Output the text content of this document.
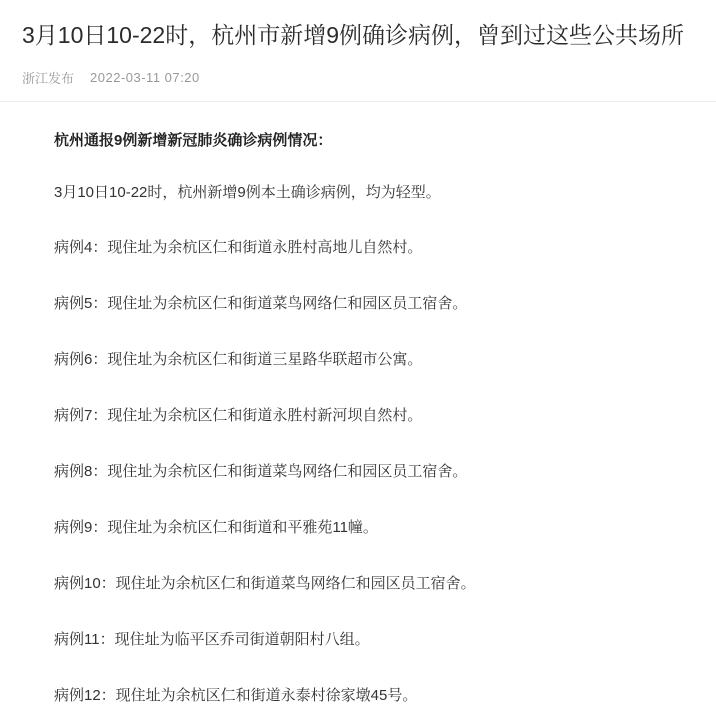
3月10日10-22时，杭州市新增9例确诊病例，曾到过这些公共场所
浙江发布 2022-03-11 07:20

杭州通报9例新增新冠肺炎确诊病例情况：

3月10日10-22时，杭州新增9例本土确诊病例，均为轻型。

病例4：现住址为余杭区仁和街道永胜村高地儿自然村。

病例5：现住址为余杭区仁和街道菜鸟网络仁和园区员工宿舍。

病例6：现住址为余杭区仁和街道三星路华联超市公寓。

病例7：现住址为余杭区仁和街道永胜村新河坝自然村。

病例8：现住址为余杭区仁和街道菜鸟网络仁和园区员工宿舍。

病例9：现住址为余杭区仁和街道和平雅苑11幢。

病例10：现住址为余杭区仁和街道菜鸟网络仁和园区员工宿舍。

病例11：现住址为临平区乔司街道朝阳村八组。

病例12：现住址为余杭区仁和街道永泰村徐家墩45号。
